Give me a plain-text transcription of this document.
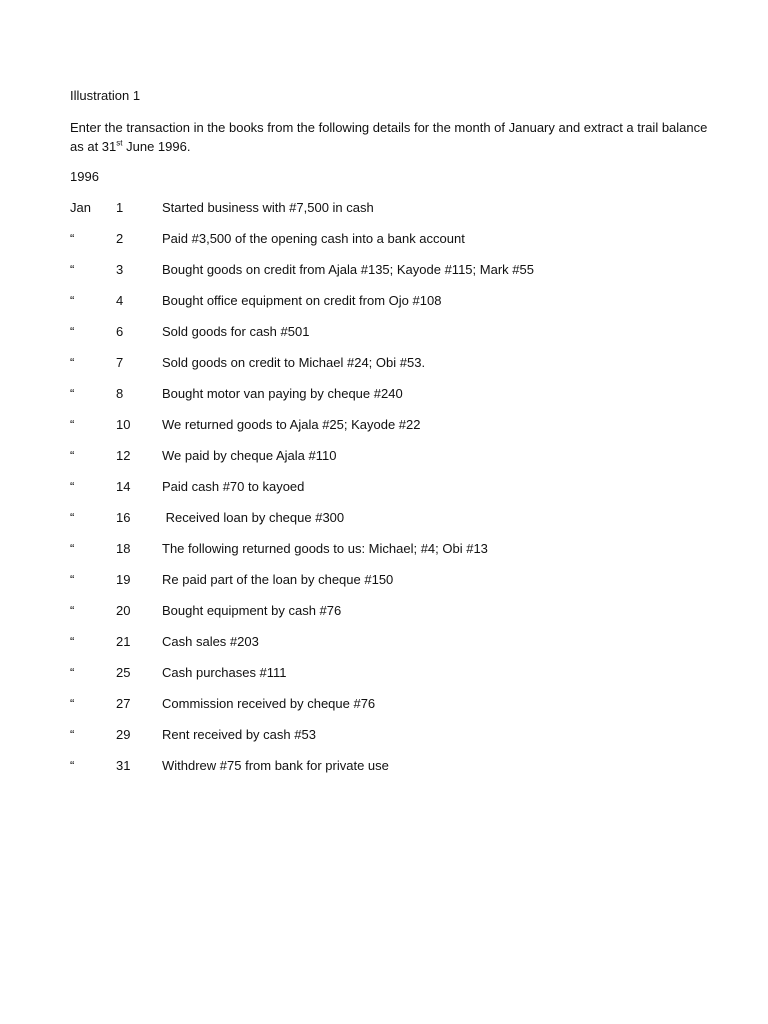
Illustration 1
Enter the transaction in the books from the following details for the month of January and extract a trail balance as at 31st June 1996.
1996
Jan 1	Started business with #7,500 in cash
“	2	Paid #3,500 of the opening cash into a bank account
“	3	Bought goods on credit from Ajala #135; Kayode #115; Mark #55
“	4	Bought office equipment on credit from Ojo #108
“	6	Sold goods for cash #501
“	7	Sold goods on credit to Michael #24; Obi #53.
“	8	Bought motor van paying by cheque #240
“	10 We returned goods to Ajala #25; Kayode #22
“	12 We paid by cheque Ajala #110
“	14 Paid cash #70 to kayoed
“	16 Received loan by cheque #300
“	18 The following returned goods to us: Michael; #4; Obi #13
“	19 Re paid part of the loan by cheque #150
“	20 Bought equipment by cash #76
“	21 Cash sales #203
“	25 Cash purchases #111
“	27 Commission received by cheque #76
“	29 Rent received by cash #53
“	31 Withdrew #75 from bank for private use
